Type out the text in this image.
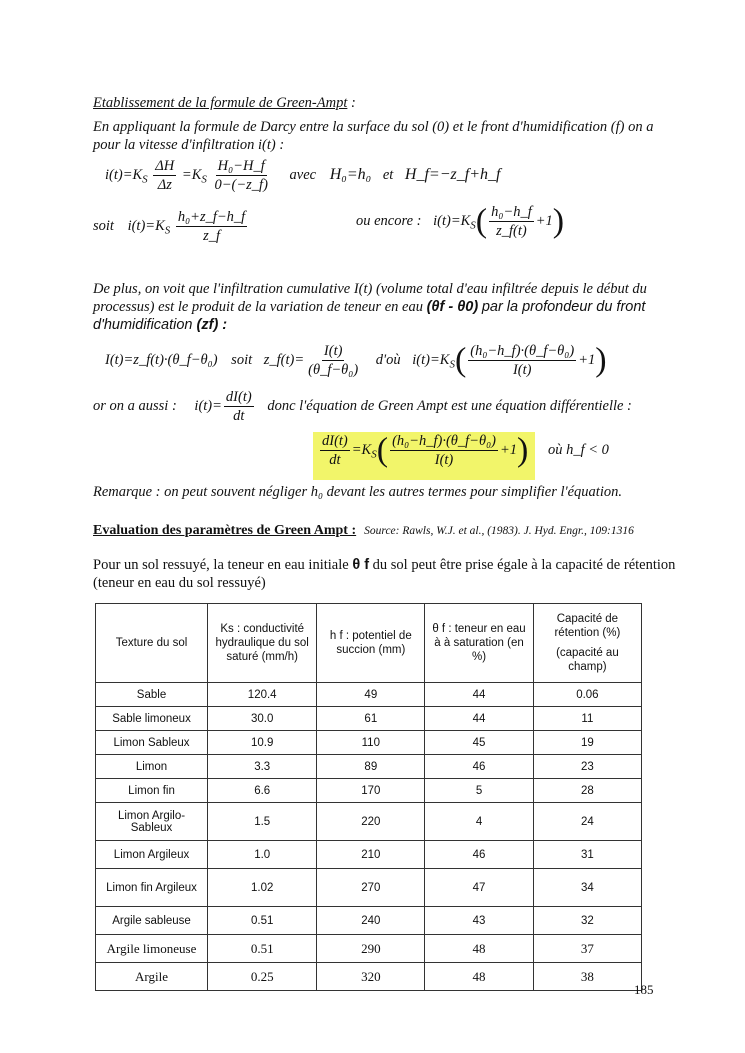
Etablissement de la formule de Green-Ampt :
En appliquant la formule de Darcy entre la surface du sol (0) et le front d'humidification (f) on a pour la vitesse d'infiltration i(t) :
$i(t)=K_S \frac{\Delta H}{\Delta z} =K_S \frac{\text{H₀−H\_f}}{0-(-z\_f)}$ avec H₀=h₀ et H_f=−z_f+h_f
soit $i(t)=K_S \frac{\text{h₀+z\_f−h\_f}}{z\_f}$	ou encore : $i(t)=K_S( \frac{\text{h₀−h\_f}}{z\_f(t)} +1)$
De plus, on voit que l'infiltration cumulative I(t) (volume total d'eau infiltrée depuis le début du
processus) est le produit de la variation de teneur en eau (θf - θ0) par la profondeur du front
d'humidification (zf) :
I(t)=z_f(t)·(θ_f−θ₀) soit z_f(t)= $\frac{I(t)}{\text{(θ\_f−θ₀)}}$ d'où $i(t)=K_S( \frac{\text{(h₀−h\_f)·(θ\_f−θ₀)}}{I(t)} +1)$
or on a aussi : $i(t)= \frac{dI(t)}{dt}$ donc l'équation de Green Ampt est une équation différentielle :
$\frac{dI(t)}{dt} =K_S( \frac{\text{(h₀−h\_f)·(θ\_f−θ₀)}}{I(t)} +1)$ où h_f < 0
Remarque : on peut souvent négliger h₀ devant les autres termes pour simplifier l'équation.
Evaluation des paramètres de Green Ampt : Source: Rawls, W.J. et al., (1983). J. Hyd. Engr., 109:1316
Pour un sol ressuyé, la teneur en eau initiale θ f du sol peut être prise égale à la capacité de rétention (teneur en eau du sol ressuyé)
Texture du sol	Ks : conductivité hydraulique du sol saturé (mm/h)	h f : potentiel de succion (mm)	θ f : teneur en eau à à saturation (en %)	Capacité de rétention (%)
(capacité au champ)

Sable	120.4	49	44	0.06
Sable limoneux	30.0	61	44	11
Limon Sableux	10.9	110	45	19
Limon	3.3	89	46	23
Limon fin	6.6	170	5	28
Limon Argilo-Sableux	1.5	220	4	24
Limon Argileux	1.0	210	46	31
Limon fin Argileux	1.02	270	47	34
Argile sableuse	0.51	240	43	32
Argile limoneuse	0.51	290	48	37
Argile	0.25	320	48	38
185
